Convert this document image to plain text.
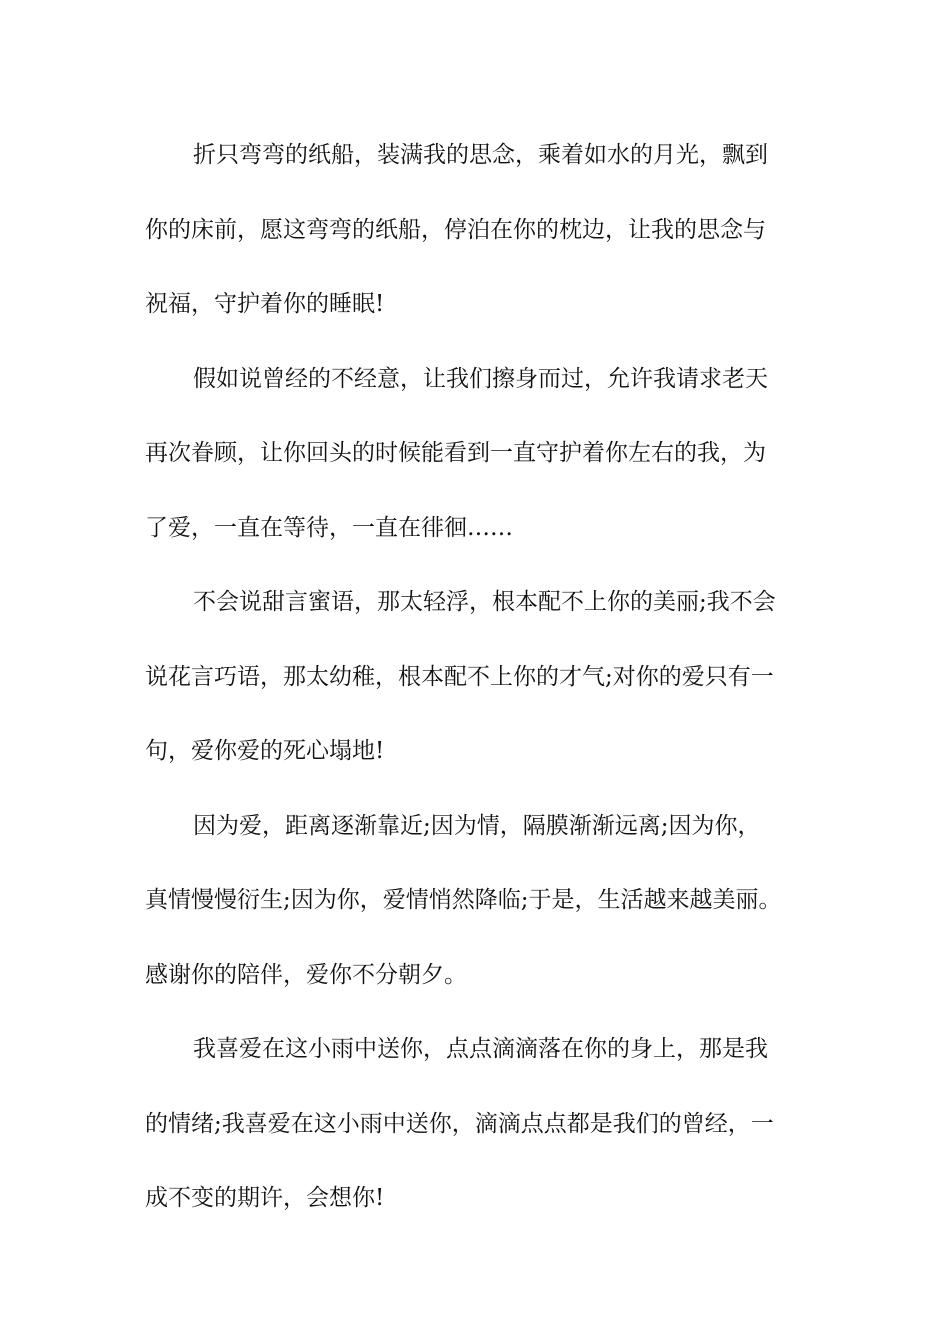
折只弯弯的纸船，装满我的思念，乘着如水的月光，飘到
你的床前，愿这弯弯的纸船，停泊在你的枕边，让我的思念与
祝福，守护着你的睡眠!
假如说曾经的不经意，让我们擦身而过，允许我请求老天
再次眷顾，让你回头的时候能看到一直守护着你左右的我，为
了爱，一直在等待，一直在徘徊……
不会说甜言蜜语，那太轻浮，根本配不上你的美丽;我不会
说花言巧语，那太幼稚，根本配不上你的才气;对你的爱只有一
句，爱你爱的死心塌地!
因为爱，距离逐渐靠近;因为情，隔膜渐渐远离;因为你，
真情慢慢衍生;因为你，爱情悄然降临;于是，生活越来越美丽。
感谢你的陪伴，爱你不分朝夕。
我喜爱在这小雨中送你，点点滴滴落在你的身上，那是我
的情绪;我喜爱在这小雨中送你，滴滴点点都是我们的曾经，一
成不变的期许，会想你!
